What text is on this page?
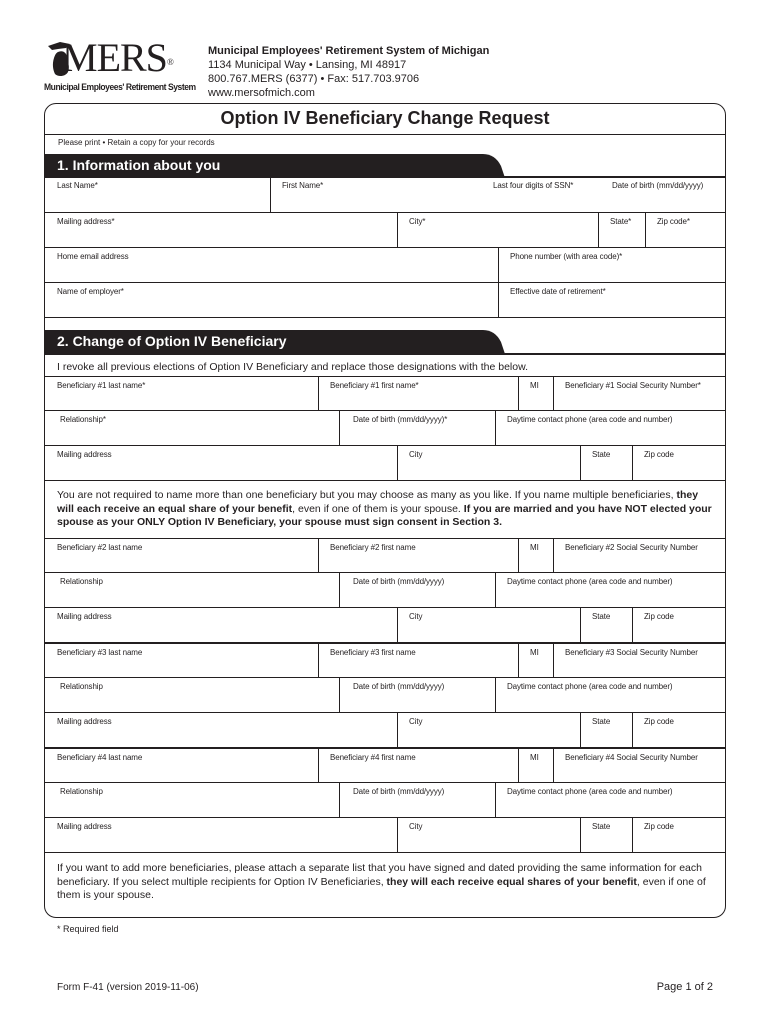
MERS®
Municipal Employees' Retirement System
Municipal Employees' Retirement System of Michigan
1134 Municipal Way • Lansing, MI 48917
800.767.MERS (6377) • Fax: 517.703.9706
www.mersofmich.com
Option IV Beneficiary Change Request
Please print • Retain a copy for your records
1. Information about you
Last Name*	First Name*	Last four digits of SSN*	Date of birth (mm/dd/yyyy)
Mailing address*	City*	State*	Zip code*
Home email address	Phone number (with area code)*
Name of employer*	Effective date of retirement*
2. Change of Option IV Beneficiary
I revoke all previous elections of Option IV Beneficiary and replace those designations with the below.
Beneficiary #1 last name*	Beneficiary #1 first name*	MI	Beneficiary #1 Social Security Number*
Relationship*	Date of birth (mm/dd/yyyy)*	Daytime contact phone (area code and number)
Mailing address	City	State	Zip code
You are not required to name more than one beneficiary but you may choose as many as you like. If you name multiple beneficiaries, they will each receive an equal share of your benefit, even if one of them is your spouse. If you are married and you have NOT elected your spouse as your ONLY Option IV Beneficiary, your spouse must sign consent in Section 3.
Beneficiary #2 last name	Beneficiary #2 first name	MI	Beneficiary #2 Social Security Number
Relationship	Date of birth (mm/dd/yyyy)	Daytime contact phone (area code and number)
Mailing address	City	State	Zip code
Beneficiary #3 last name	Beneficiary #3 first name	MI	Beneficiary #3 Social Security Number
Relationship	Date of birth (mm/dd/yyyy)	Daytime contact phone (area code and number)
Mailing address	City	State	Zip code
Beneficiary #4 last name	Beneficiary #4 first name	MI	Beneficiary #4 Social Security Number
Relationship	Date of birth (mm/dd/yyyy)	Daytime contact phone (area code and number)
Mailing address	City	State	Zip code
If you want to add more beneficiaries, please attach a separate list that you have signed and dated providing the same information for each beneficiary. If you select multiple recipients for Option IV Beneficiaries, they will each receive equal shares of your benefit, even if one of them is your spouse.
* Required field
Form F-41 (version 2019-11-06)	Page 1 of 2
